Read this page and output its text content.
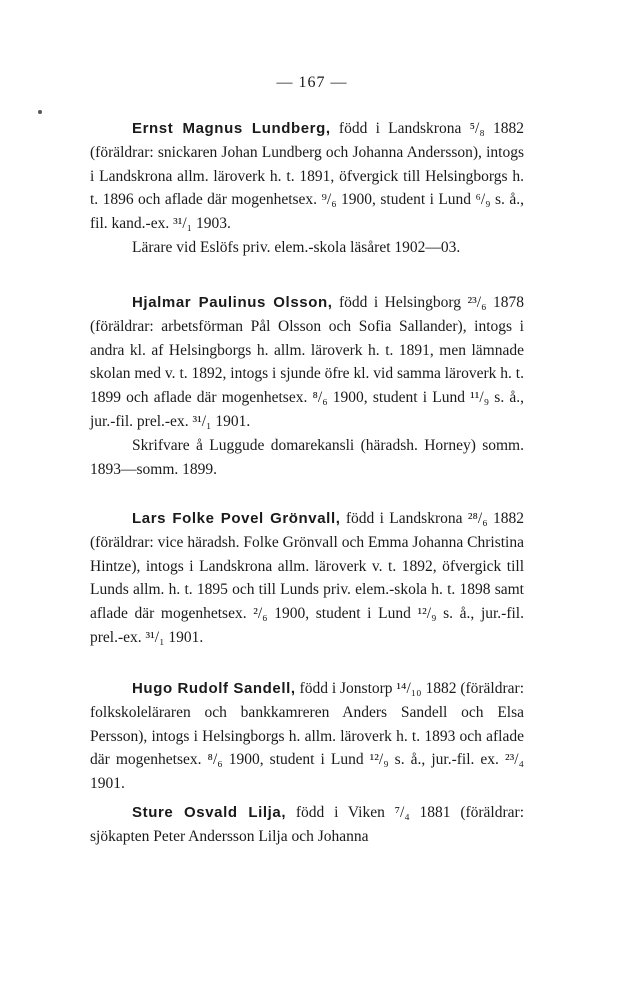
— 167 —

Ernst Magnus Lundberg, född i Landskrona ⁵/₈ 1882 (föräldrar: snickaren Johan Lundberg och Johanna Andersson), intogs i Landskrona allm. läroverk h. t. 1891, öfvergick till Helsingborgs h. t. 1896 och aflade där mogenhetsex. ⁹/₆ 1900, student i Lund ⁶/₉ s. å., fil. kand.-ex. ³¹/₁ 1903.

Lärare vid Eslöfs priv. elem.-skola läsåret 1902—03.

Hjalmar Paulinus Olsson, född i Helsingborg ²³/₆ 1878 (föräldrar: arbetsförman Pål Olsson och Sofia Sallander), intogs i andra kl. af Helsingborgs h. allm. läroverk h. t. 1891, men lämnade skolan med v. t. 1892, intogs i sjunde öfre kl. vid samma läroverk h. t. 1899 och aflade där mogenhetsex. ⁸/₆ 1900, student i Lund ¹¹/₉ s. å., jur.-fil. prel.-ex. ³¹/₁ 1901.

Skrifvare å Luggude domarekansli (häradsh. Horney) somm. 1893—somm. 1899.

Lars Folke Povel Grönvall, född i Landskrona ²⁸/₆ 1882 (föräldrar: vice häradsh. Folke Grönvall och Emma Johanna Christina Hintze), intogs i Landskrona allm. läroverk v. t. 1892, öfvergick till Lunds allm. h. t. 1895 och till Lunds priv. elem.-skola h. t. 1898 samt aflade där mogenhetsex. ²/₆ 1900, student i Lund ¹²/₉ s. å., jur.-fil. prel.-ex. ³¹/₁ 1901.

Hugo Rudolf Sandell, född i Jonstorp ¹⁴/₁₀ 1882 (föräldrar: folkskoleläraren och bankkamreren Anders Sandell och Elsa Persson), intogs i Helsingborgs h. allm. läroverk h. t. 1893 och aflade där mogenhetsex. ⁸/₆ 1900, student i Lund ¹²/₉ s. å., jur.-fil. ex. ²³/₄ 1901.

Sture Osvald Lilja, född i Viken ⁷/₄ 1881 (föräldrar: sjökapten Peter Andersson Lilja och Johanna
